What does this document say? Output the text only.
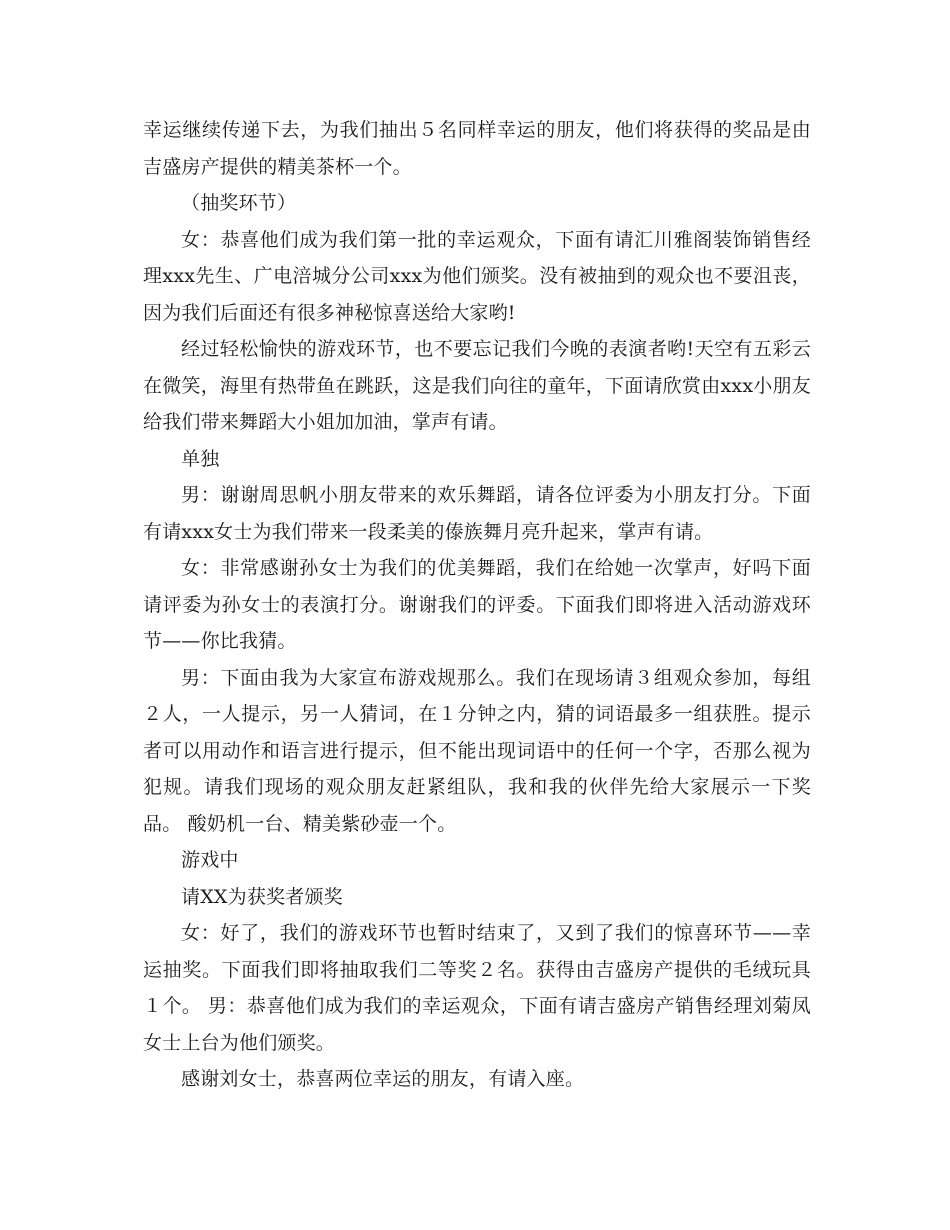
幸运继续传递下去，为我们抽出５名同样幸运的朋友，他们将获得的奖品是由吉盛房产提供的精美茶杯一个。

（抽奖环节）

女：恭喜他们成为我们第一批的幸运观众，下面有请汇川雅阁装饰销售经理xxx先生、广电涪城分公司xxx为他们颁奖。没有被抽到的观众也不要沮丧，因为我们后面还有很多神秘惊喜送给大家哟!

经过轻松愉快的游戏环节，也不要忘记我们今晚的表演者哟!天空有五彩云在微笑，海里有热带鱼在跳跃，这是我们向往的童年，下面请欣赏由xxx小朋友给我们带来舞蹈大小姐加加油，掌声有请。

单独

男：谢谢周思帆小朋友带来的欢乐舞蹈，请各位评委为小朋友打分。下面有请xxx女士为我们带来一段柔美的傣族舞月亮升起来，掌声有请。

女：非常感谢孙女士为我们的优美舞蹈，我们在给她一次掌声，好吗下面请评委为孙女士的表演打分。谢谢我们的评委。下面我们即将进入活动游戏环节——你比我猜。

男：下面由我为大家宣布游戏规那么。我们在现场请３组观众参加，每组２人，一人提示，另一人猜词，在１分钟之内，猜的词语最多一组获胜。提示者可以用动作和语言进行提示，但不能出现词语中的任何一个字，否那么视为犯规。请我们现场的观众朋友赶紧组队，我和我的伙伴先给大家展示一下奖品。 酸奶机一台、精美紫砂壶一个。

游戏中

请XX为获奖者颁奖

女：好了，我们的游戏环节也暂时结束了，又到了我们的惊喜环节——幸运抽奖。下面我们即将抽取我们二等奖２名。获得由吉盛房产提供的毛绒玩具１个。 男：恭喜他们成为我们的幸运观众，下面有请吉盛房产销售经理刘菊凤女士上台为他们颁奖。

感谢刘女士，恭喜两位幸运的朋友，有请入座。
